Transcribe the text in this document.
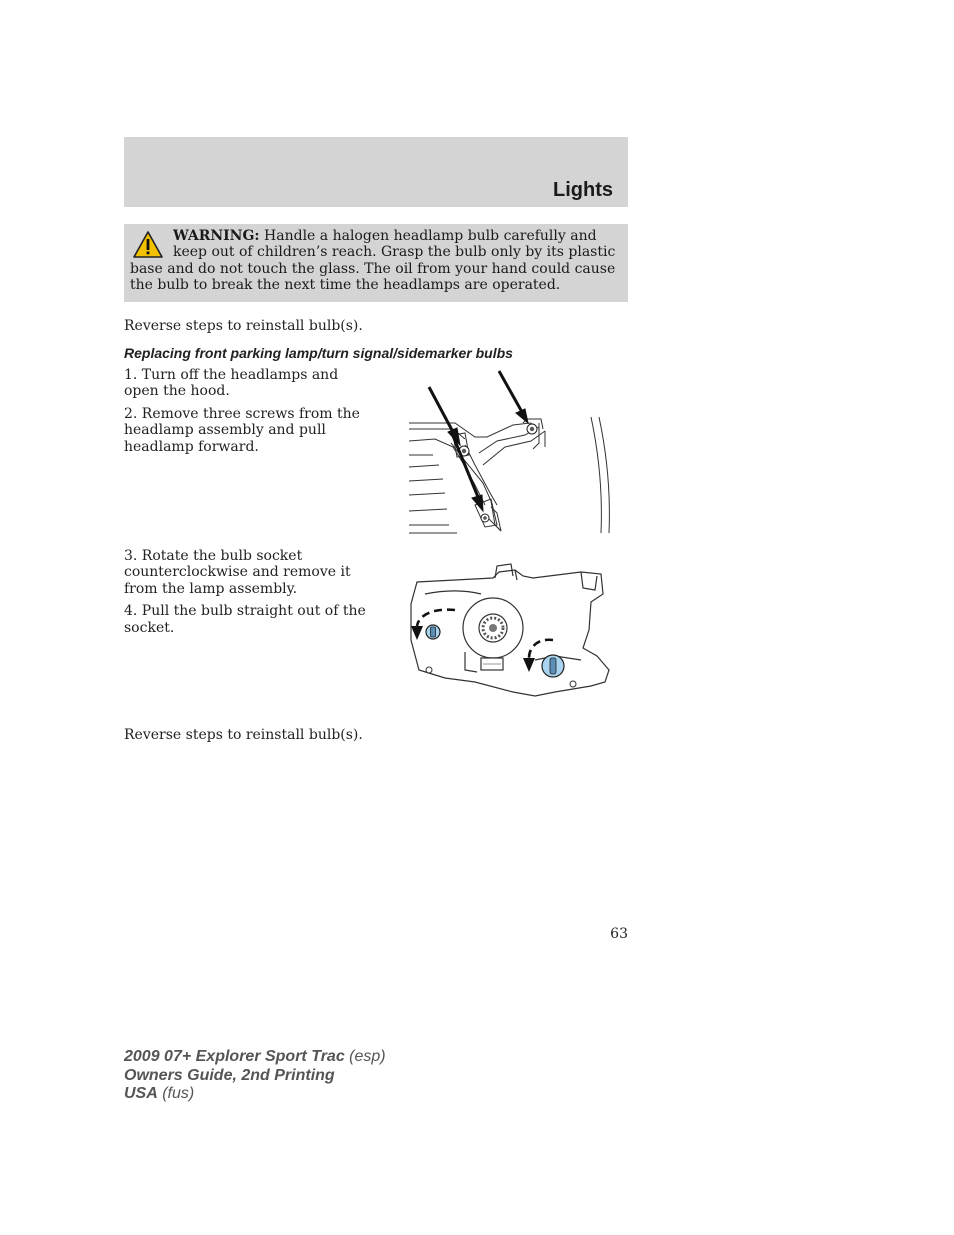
Lights
WARNING: Handle a halogen headlamp bulb carefully and keep out of children’s reach. Grasp the bulb only by its plastic base and do not touch the glass. The oil from your hand could cause the bulb to break the next time the headlamps are operated.
Reverse steps to reinstall bulb(s).
Replacing front parking lamp/turn signal/sidemarker bulbs

1. Turn off the headlamps and open the hood.

2. Remove three screws from the headlamp assembly and pull headlamp forward.

3. Rotate the bulb socket counterclockwise and remove it from the lamp assembly.

4. Pull the bulb straight out of the socket.

Reverse steps to reinstall bulb(s).
63
2009 07+ Explorer Sport Trac (esp)
Owners Guide, 2nd Printing
USA (fus)
